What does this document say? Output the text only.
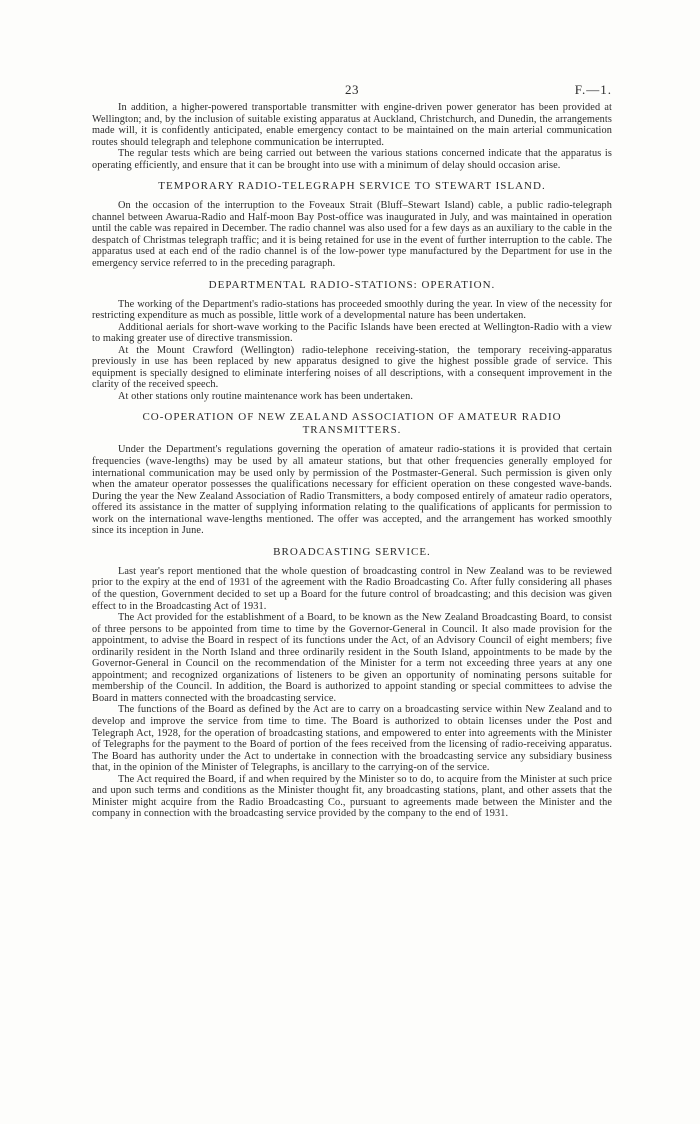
23	F.—1.

In addition, a higher-powered transportable transmitter with engine-driven power generator has been provided at Wellington; and, by the inclusion of suitable existing apparatus at Auckland, Christchurch, and Dunedin, the arrangements made will, it is confidently anticipated, enable emergency contact to be maintained on the main arterial communication routes should telegraph and telephone communication be interrupted.

The regular tests which are being carried out between the various stations concerned indicate that the apparatus is operating efficiently, and ensure that it can be brought into use with a minimum of delay should occasion arise.

TEMPORARY RADIO-TELEGRAPH SERVICE TO STEWART ISLAND.

On the occasion of the interruption to the Foveaux Strait (Bluff–Stewart Island) cable, a public radio-telegraph channel between Awarua-Radio and Half-moon Bay Post-office was inaugurated in July, and was maintained in operation until the cable was repaired in December. The radio channel was also used for a few days as an auxiliary to the cable in the despatch of Christmas telegraph traffic; and it is being retained for use in the event of further interruption to the cable. The apparatus used at each end of the radio channel is of the low-power type manufactured by the Department for use in the emergency service referred to in the preceding paragraph.

DEPARTMENTAL RADIO-STATIONS: OPERATION.

The working of the Department's radio-stations has proceeded smoothly during the year. In view of the necessity for restricting expenditure as much as possible, little work of a developmental nature has been undertaken.

Additional aerials for short-wave working to the Pacific Islands have been erected at Wellington-Radio with a view to making greater use of directive transmission.

At the Mount Crawford (Wellington) radio-telephone receiving-station, the temporary receiving-apparatus previously in use has been replaced by new apparatus designed to give the highest possible grade of service. This equipment is specially designed to eliminate interfering noises of all descriptions, with a consequent improvement in the clarity of the received speech.

At other stations only routine maintenance work has been undertaken.

CO-OPERATION OF NEW ZEALAND ASSOCIATION OF AMATEUR RADIO TRANSMITTERS.

Under the Department's regulations governing the operation of amateur radio-stations it is provided that certain frequencies (wave-lengths) may be used by all amateur stations, but that other frequencies generally employed for international communication may be used only by permission of the Postmaster-General. Such permission is given only when the amateur operator possesses the qualifications necessary for efficient operation on these congested wave-bands. During the year the New Zealand Association of Radio Transmitters, a body composed entirely of amateur radio operators, offered its assistance in the matter of supplying information relating to the qualifications of applicants for permission to work on the international wave-lengths mentioned. The offer was accepted, and the arrangement has worked smoothly since its inception in June.

BROADCASTING SERVICE.

Last year's report mentioned that the whole question of broadcasting control in New Zealand was to be reviewed prior to the expiry at the end of 1931 of the agreement with the Radio Broadcasting Co. After fully considering all phases of the question, Government decided to set up a Board for the future control of broadcasting; and this decision was given effect to in the Broadcasting Act of 1931.

The Act provided for the establishment of a Board, to be known as the New Zealand Broadcasting Board, to consist of three persons to be appointed from time to time by the Governor-General in Council. It also made provision for the appointment, to advise the Board in respect of its functions under the Act, of an Advisory Council of eight members; five ordinarily resident in the North Island and three ordinarily resident in the South Island, appointments to be made by the Governor-General in Council on the recommendation of the Minister for a term not exceeding three years at any one appointment; and recognized organizations of listeners to be given an opportunity of nominating persons suitable for membership of the Council. In addition, the Board is authorized to appoint standing or special committees to advise the Board in matters connected with the broadcasting service.

The functions of the Board as defined by the Act are to carry on a broadcasting service within New Zealand and to develop and improve the service from time to time. The Board is authorized to obtain licenses under the Post and Telegraph Act, 1928, for the operation of broadcasting stations, and empowered to enter into agreements with the Minister of Telegraphs for the payment to the Board of portion of the fees received from the licensing of radio-receiving apparatus. The Board has authority under the Act to undertake in connection with the broadcasting service any subsidiary business that, in the opinion of the Minister of Telegraphs, is ancillary to the carrying-on of the service.

The Act required the Board, if and when required by the Minister so to do, to acquire from the Minister at such price and upon such terms and conditions as the Minister thought fit, any broadcasting stations, plant, and other assets that the Minister might acquire from the Radio Broadcasting Co., pursuant to agreements made between the Minister and the company in connection with the broadcasting service provided by the company to the end of 1931.
